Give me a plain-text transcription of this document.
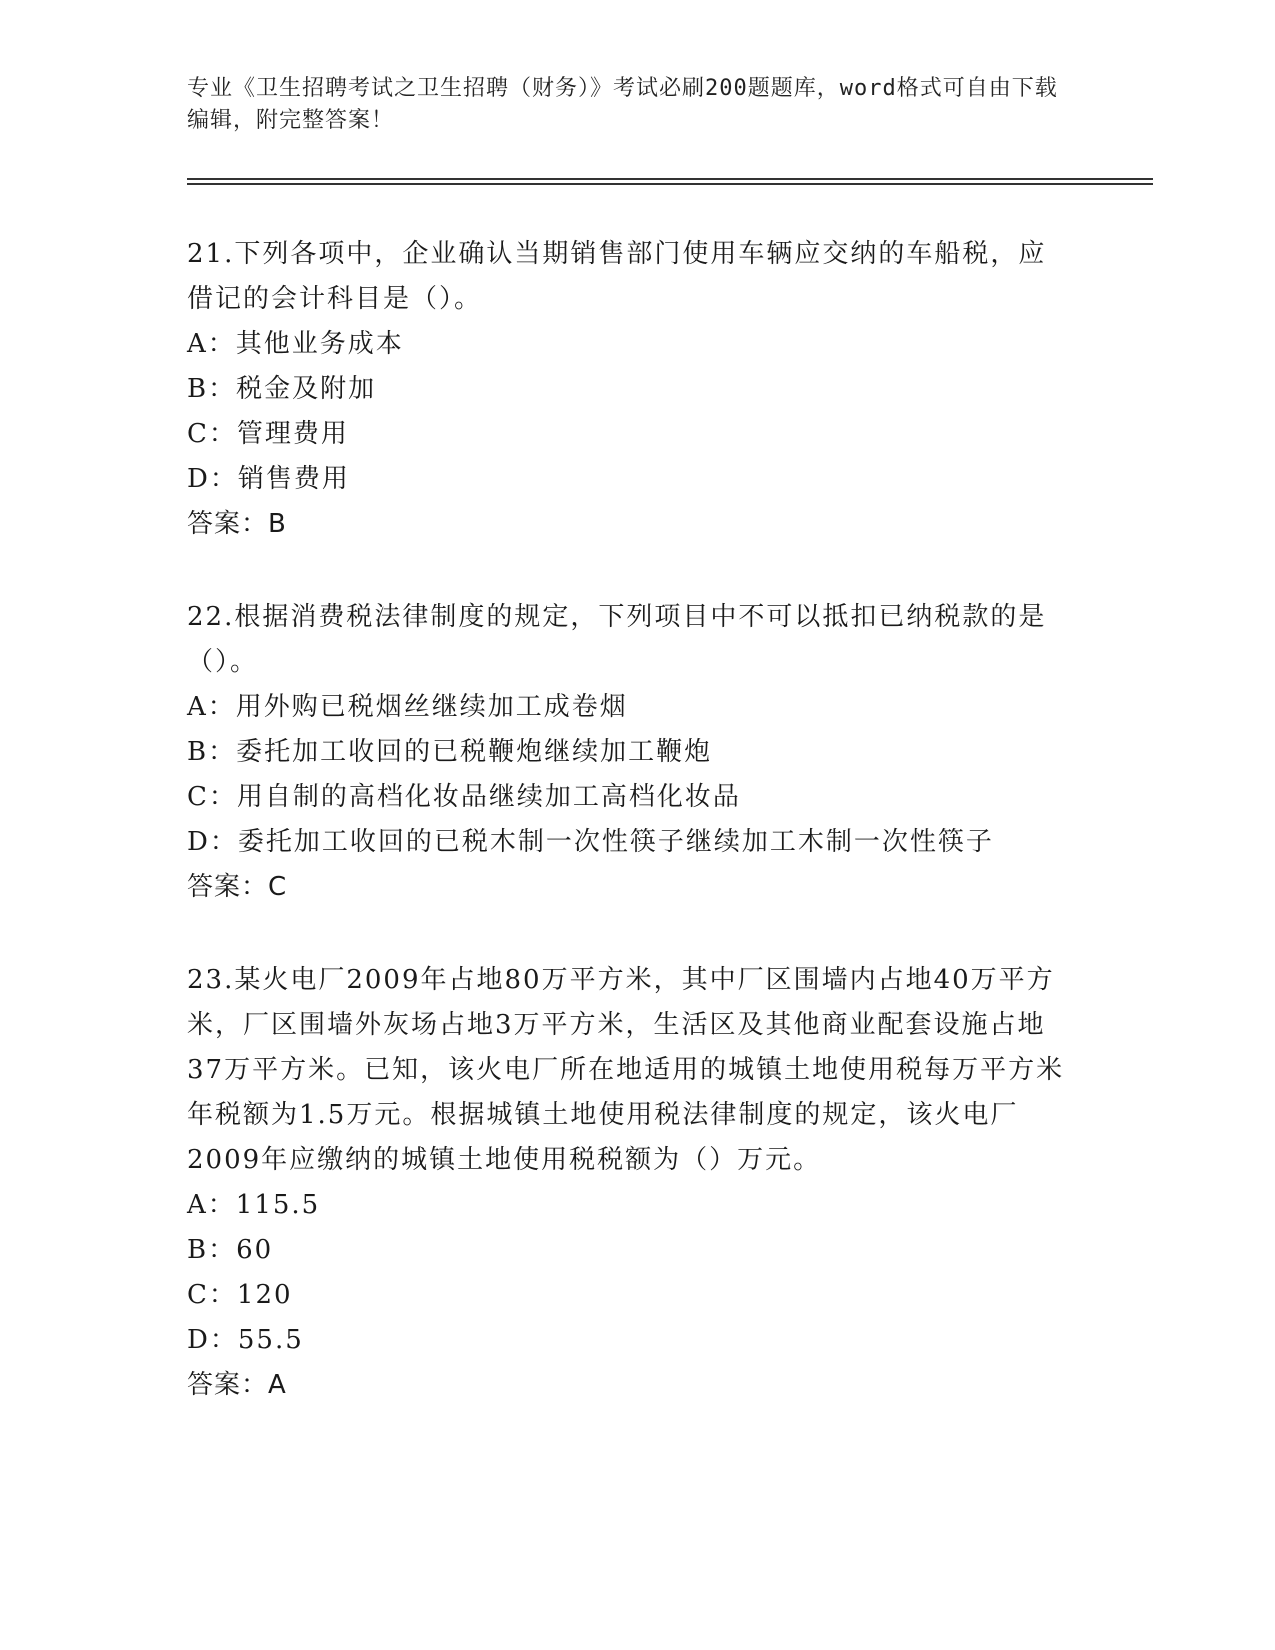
专业《卫生招聘考试之卫生招聘（财务）》考试必刷200题题库，word格式可自由下载编辑，附完整答案！

21.下列各项中，企业确认当期销售部门使用车辆应交纳的车船税，应借记的会计科目是（）。

A：其他业务成本
B：税金及附加
C：管理费用
D：销售费用

答案：B

22.根据消费税法律制度的规定，下列项目中不可以抵扣已纳税款的是（）。

A：用外购已税烟丝继续加工成卷烟
B：委托加工收回的已税鞭炮继续加工鞭炮
C：用自制的高档化妆品继续加工高档化妆品
D：委托加工收回的已税木制一次性筷子继续加工木制一次性筷子

答案：C

23.某火电厂2009年占地80万平方米，其中厂区围墙内占地40万平方米，厂区围墙外灰场占地3万平方米，生活区及其他商业配套设施占地37万平方米。已知，该火电厂所在地适用的城镇土地使用税每万平方米年税额为1.5万元。根据城镇土地使用税法律制度的规定，该火电厂2009年应缴纳的城镇土地使用税税额为（）万元。

A：115.5
B：60
C：120
D：55.5

答案：A
